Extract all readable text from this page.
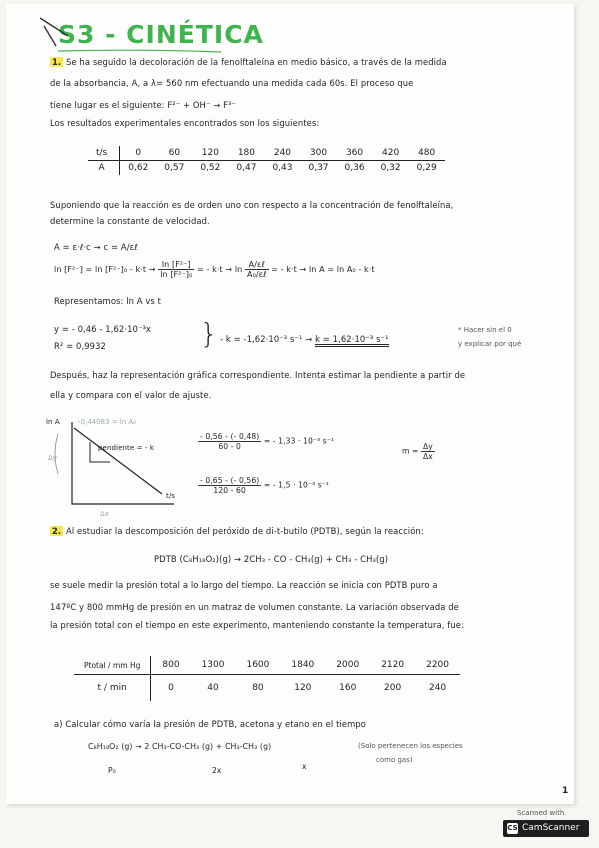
S3 - CINÉTICA
1. Se ha seguido la decoloración de la fenolftaleína en medio básico, a través de la medida
de la absorbancia, A, a λ= 560 nm efectuando una medida cada 60s. El proceso que
tiene lugar es el siguiente: F²⁻ + OH⁻ → F³⁻
Los resultados experimentales encontrados son los siguientes:
t/s	0	60	120	180	240	300	360	420	480
A	0,62	0,57	0,52	0,47	0,43	0,37	0,36	0,32	0,29
Suponiendo que la reacción es de orden uno con respecto a la concentración de fenolftaleína,
determine la constante de velocidad.
A = ε·ℓ·c → c = A/εℓ
$\ln [F^{2-}] = \ln [F^{2-}]_0 - k\cdot t \to \frac{\text{ln [F²⁻]}}{\text{ln [F²⁻]₀}}$ = - $k\cdot t \to \ln \frac{\text{A/εℓ}}{\text{A₀/εℓ}}$ = - k·t → ln A = ln A₀ - k·t
Representamos: ln A vs t
y = - 0,46 - 1,62·10⁻³x
R² = 0,9932	} - k = -1,62·10⁻³ s⁻¹ → k = 1,62·10⁻³ s⁻¹
* Hacer sin el 0
y explicar por qué
Después, haz la representación gráfica correspondiente. Intenta estimar la pendiente a partir de
ella y compara con el valor de ajuste.
ln A	-0,44083 = ln A₀
pendiente = - k
Δy
t/s
Δx
$\frac{- 0,56 - (- 0,48)}{60 - 0}$ = - 1,33 · 10⁻³ s⁻¹
$\frac{- 0,65 - (- 0,56)}{120 - 60}$ = - 1,5 · 10⁻³ s⁻¹
$m = \frac{\Delta y}{\Delta x}$
2. Al estudiar la descomposición del peróxido de di-t-butilo (PDTB), según la reacción:
PDTB (C₈H₁₈O₂)(g) → 2CH₃ - CO - CH₃(g) + CH₃ - CH₃(g)
se suele medir la presión total a lo largo del tiempo. La reacción se inicia con PDTB puro a
147ºC y 800 mmHg de presión en un matraz de volumen constante. La variación observada de
la presión total con el tiempo en este experimento, manteniendo constante la temperatura, fue:
Ptotal / mm Hg	800	1300	1600	1840	2000	2120	2200
t / min	0	40	80	120	160	200	240
a) Calcular cómo varía la presión de PDTB, acetona y etano en el tiempo
C₈H₁₈O₂ (g) → 2 CH₃-CO-CH₃ (g) + CH₃-CH₃ (g)	(Solo pertenecen los especies
como gas)
P₀	2x	x
1
Scanned with
CS CamScanner
